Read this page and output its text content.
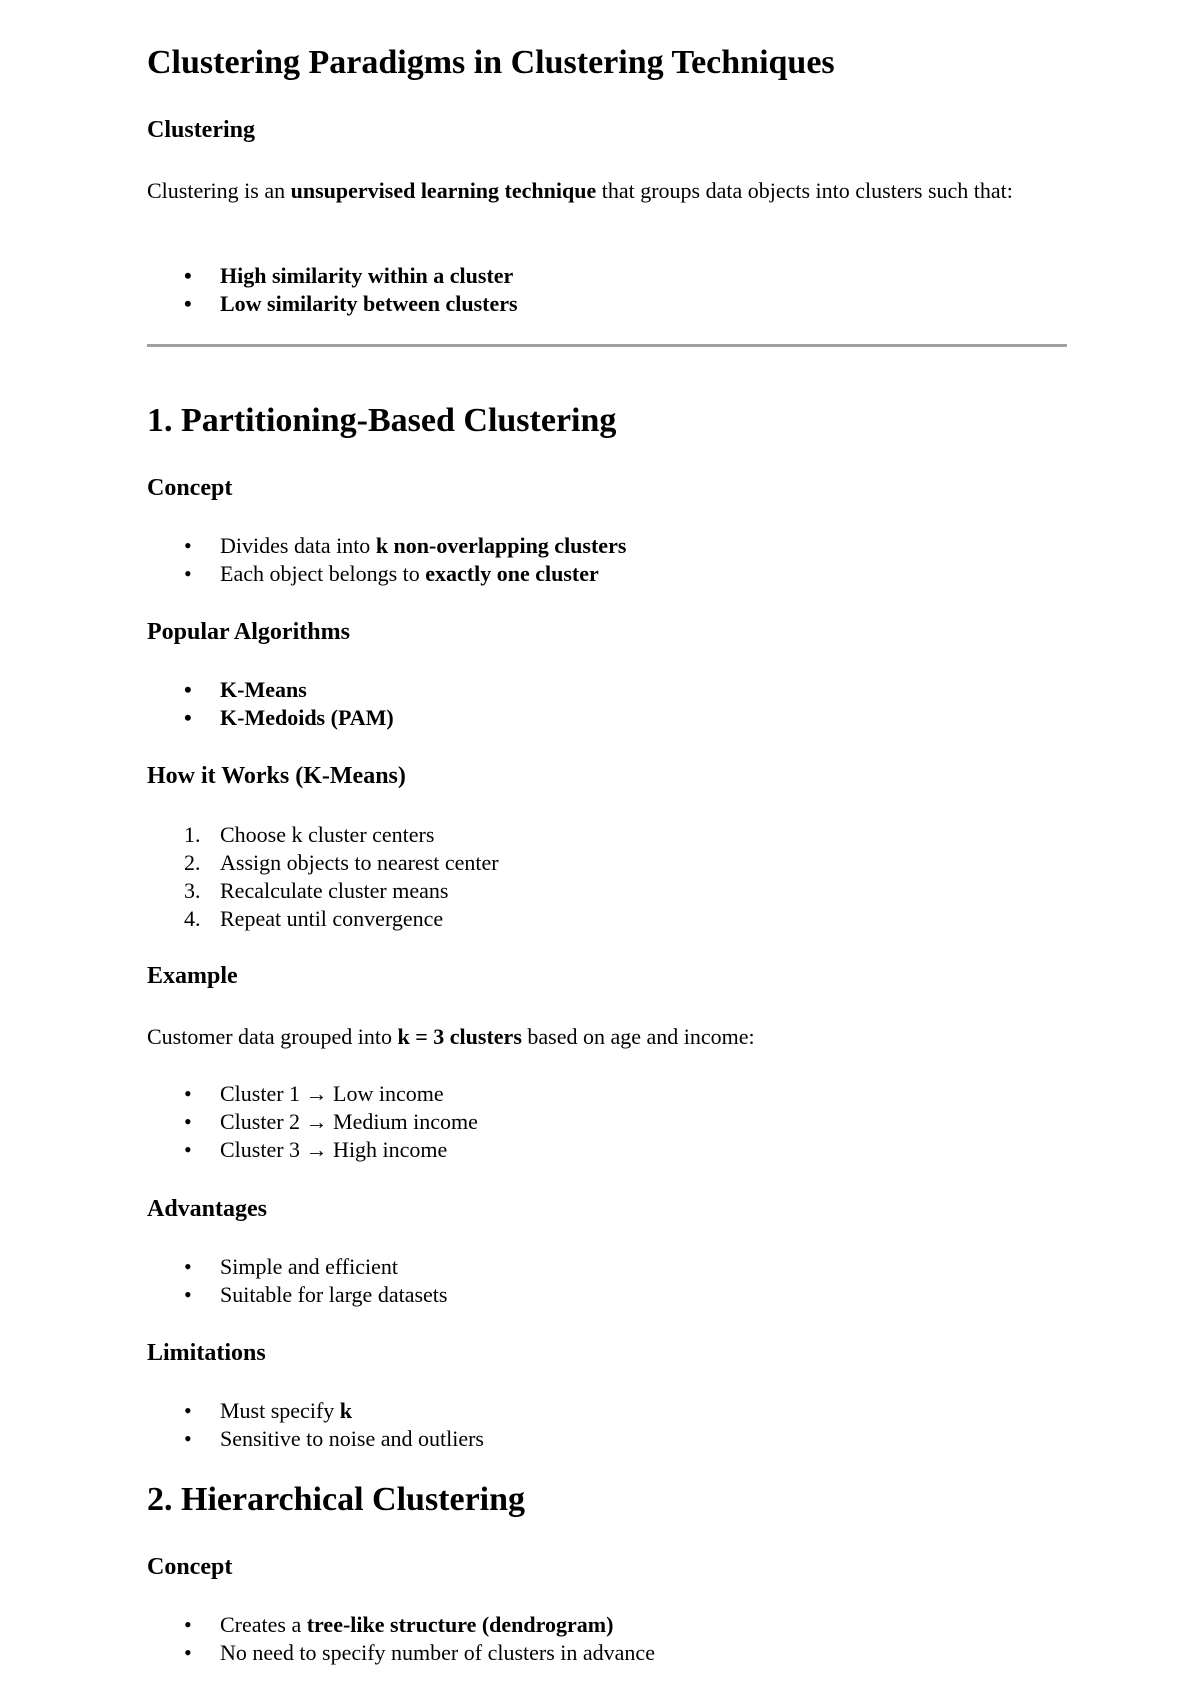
Clustering Paradigms in Clustering Techniques
Clustering

Clustering is an unsupervised learning technique that groups data objects into clusters such that:

• High similarity within a cluster
• Low similarity between clusters
1. Partitioning-Based Clustering
Concept
• Divides data into k non-overlapping clusters
• Each object belongs to exactly one cluster
Popular Algorithms
• K-Means
• K-Medoids (PAM)
How it Works (K-Means)
1. Choose k cluster centers
2. Assign objects to nearest center
3. Recalculate cluster means
4. Repeat until convergence
Example

Customer data grouped into k = 3 clusters based on age and income:

• Cluster 1 → Low income
• Cluster 2 → Medium income
• Cluster 3 → High income
Advantages
• Simple and efficient
• Suitable for large datasets
Limitations
• Must specify k
• Sensitive to noise and outliers
2. Hierarchical Clustering
Concept
• Creates a tree-like structure (dendrogram)
• No need to specify number of clusters in advance
